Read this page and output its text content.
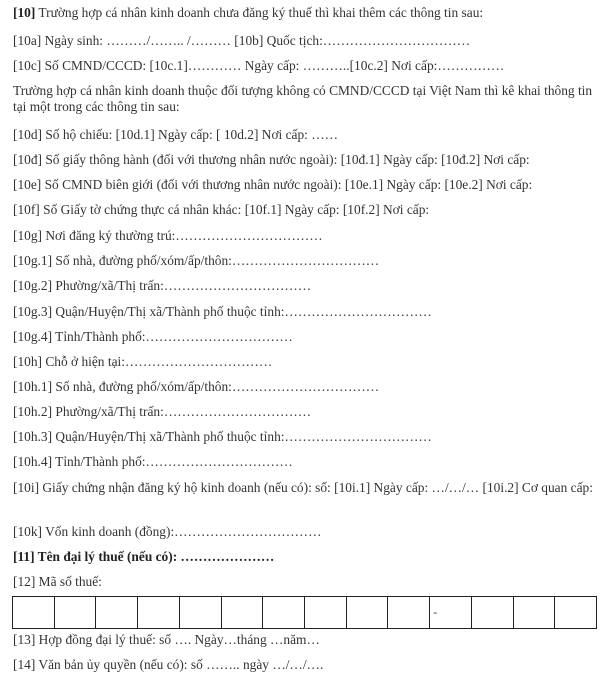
[10] Trường hợp cá nhân kinh doanh chưa đăng ký thuế thì khai thêm các thông tin sau:
[10a] Ngày sinh: ………/…….. /……… [10b] Quốc tịch:……………………………
[10c] Số CMND/CCCD: [10c.1]………… Ngày cấp: ………..[10c.2] Nơi cấp:……………
Trường hợp cá nhân kinh doanh thuộc đối tượng không có CMND/CCCD tại Việt Nam thì kê khai thông tin tại một trong các thông tin sau:
[10d] Số hộ chiếu: [10d.1] Ngày cấp: [ 10d.2] Nơi cấp: ……
[10đ] Số giấy thông hành (đối với thương nhân nước ngoài): [10đ.1] Ngày cấp: [10đ.2] Nơi cấp:
[10e] Số CMND biên giới (đối với thương nhân nước ngoài): [10e.1] Ngày cấp: [10e.2] Nơi cấp:
[10f] Số Giấy tờ chứng thực cá nhân khác: [10f.1] Ngày cấp: [10f.2] Nơi cấp:
[10g] Nơi đăng ký thường trú:……………………………
[10g.1] Số nhà, đường phố/xóm/ấp/thôn:……………………………
[10g.2] Phường/xã/Thị trấn:……………………………
[10g.3] Quận/Huyện/Thị xã/Thành phố thuộc tỉnh:……………………………
[10g.4] Tỉnh/Thành phố:……………………………
[10h] Chỗ ở hiện tại:……………………………
[10h.1] Số nhà, đường phố/xóm/ấp/thôn:……………………………
[10h.2] Phường/xã/Thị trấn:……………………………
[10h.3] Quận/Huyện/Thị xã/Thành phố thuộc tỉnh:……………………………
[10h.4] Tỉnh/Thành phố:……………………………
[10i] Giấy chứng nhận đăng ký hộ kinh doanh (nếu có): số: [10i.1] Ngày cấp: …/…/… [10i.2] Cơ quan cấp:
[10k] Vốn kinh doanh (đồng):……………………………
[11] Tên đại lý thuế (nếu có): …………………
[12] Mã số thuế:
-
[13] Hợp đồng đại lý thuế: số …. Ngày…tháng …năm…
[14] Văn bản ủy quyền (nếu có): số …….. ngày …/…/….
